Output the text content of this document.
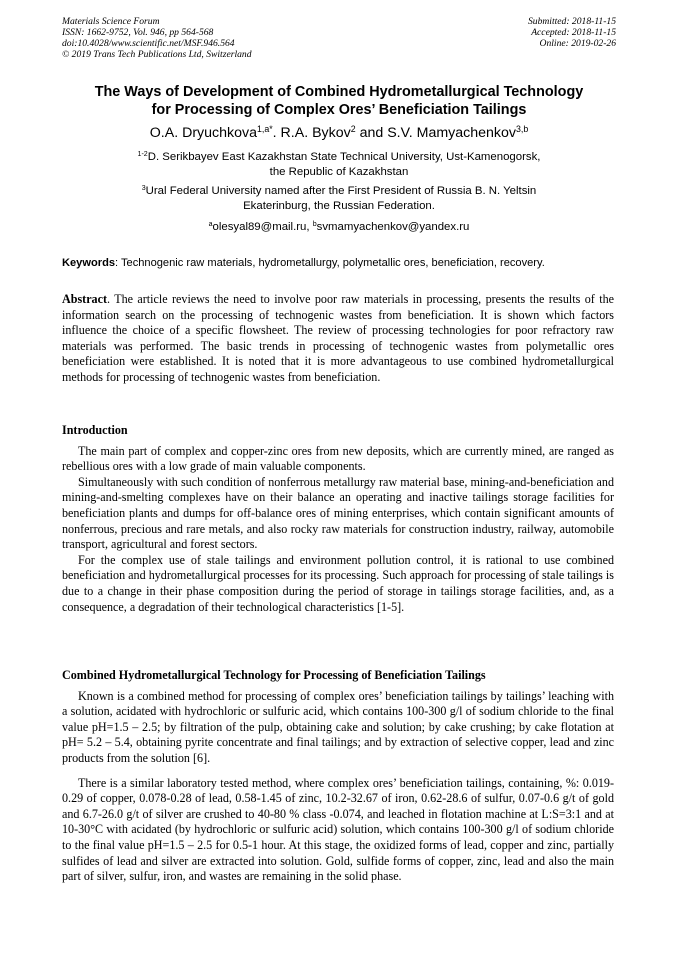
Materials Science Forum
ISSN: 1662-9752, Vol. 946, pp 564-568
doi:10.4028/www.scientific.net/MSF.946.564
© 2019 Trans Tech Publications Ltd, Switzerland
Submitted: 2018-11-15
Accepted: 2018-11-15
Online: 2019-02-26
The Ways of Development of Combined Hydrometallurgical Technology
for Processing of Complex Ores’ Beneficiation Tailings
O.A. Dryuchkova$^{1,a*}$. R.A. Bykov$^2$ and S.V. Mamyachenkov$^{3,b}$
$^{1-2}$D. Serikbayev East Kazakhstan State Technical University, Ust-Kamenogorsk,
the Republic of Kazakhstan
$^3$Ural Federal University named after the First President of Russia B. N. Yeltsin
Ekaterinburg, the Russian Federation.
$^a$olesyal89@mail.ru, $^b$svmamyachenkov@yandex.ru
Keywords: Technogenic raw materials, hydrometallurgy, polymetallic ores, beneficiation, recovery.
Abstract. The article reviews the need to involve poor raw materials in processing, presents the results of the information search on the processing of technogenic wastes from beneficiation. It is shown which factors influence the choice of a specific flowsheet. The review of processing technologies for poor refractory raw materials was performed. The basic trends in processing of technogenic wastes from polymetallic ores beneficiation were established. It is noted that it is more advantageous to use combined hydrometallurgical methods for processing of technogenic wastes from beneficiation.
Introduction

The main part of complex and copper-zinc ores from new deposits, which are currently mined, are ranged as rebellious ores with a low grade of main valuable components.

Simultaneously with such condition of nonferrous metallurgy raw material base, mining-and-beneficiation and mining-and-smelting complexes have on their balance an operating and inactive tailings storage facilities for beneficiation plants and dumps for off-balance ores of mining enterprises, which contain significant amounts of nonferrous, precious and rare metals, and also rocky raw materials for construction industry, railway, automobile transport, agricultural and forest sectors.

For the complex use of stale tailings and environment pollution control, it is rational to use combined beneficiation and hydrometallurgical processes for its processing. Such approach for processing of stale tailings is due to a change in their phase composition during the period of storage in tailings storage facilities, and, as a consequence, a degradation of their technological characteristics [1-5].

Combined Hydrometallurgical Technology for Processing of Beneficiation Tailings

Known is a combined method for processing of complex ores’ beneficiation tailings by tailings’ leaching with a solution, acidated with hydrochloric or sulfuric acid, which contains 100-300 g/l of sodium chloride to the final value pH=1.5 – 2.5; by filtration of the pulp, obtaining cake and solution; by cake crushing; by cake flotation at pH= 5.2 – 5.4, obtaining pyrite concentrate and final tailings; and by extraction of selective copper, lead and zinc products from the solution [6].

There is a similar laboratory tested method, where complex ores’ beneficiation tailings, containing, %: 0.019-0.29 of copper, 0.078-0.28 of lead, 0.58-1.45 of zinc, 10.2-32.67 of iron, 0.62-28.6 of sulfur, 0.07-0.6 g/t of gold and 6.7-26.0 g/t of silver are crushed to 40-80 % class -0.074, and leached in flotation machine at L:S=3:1 and at 10-30°C with acidated (by hydrochloric or sulfuric acid) solution, which contains 100-300 g/l of sodium chloride to the final value pH=1.5 – 2.5 for 0.5-1 hour. At this stage, the oxidized forms of lead, copper and zinc, partially sulfides of lead and silver are extracted into solution. Gold, sulfide forms of copper, zinc, lead and also the main part of silver, sulfur, iron, and wastes are remaining in the solid phase.
